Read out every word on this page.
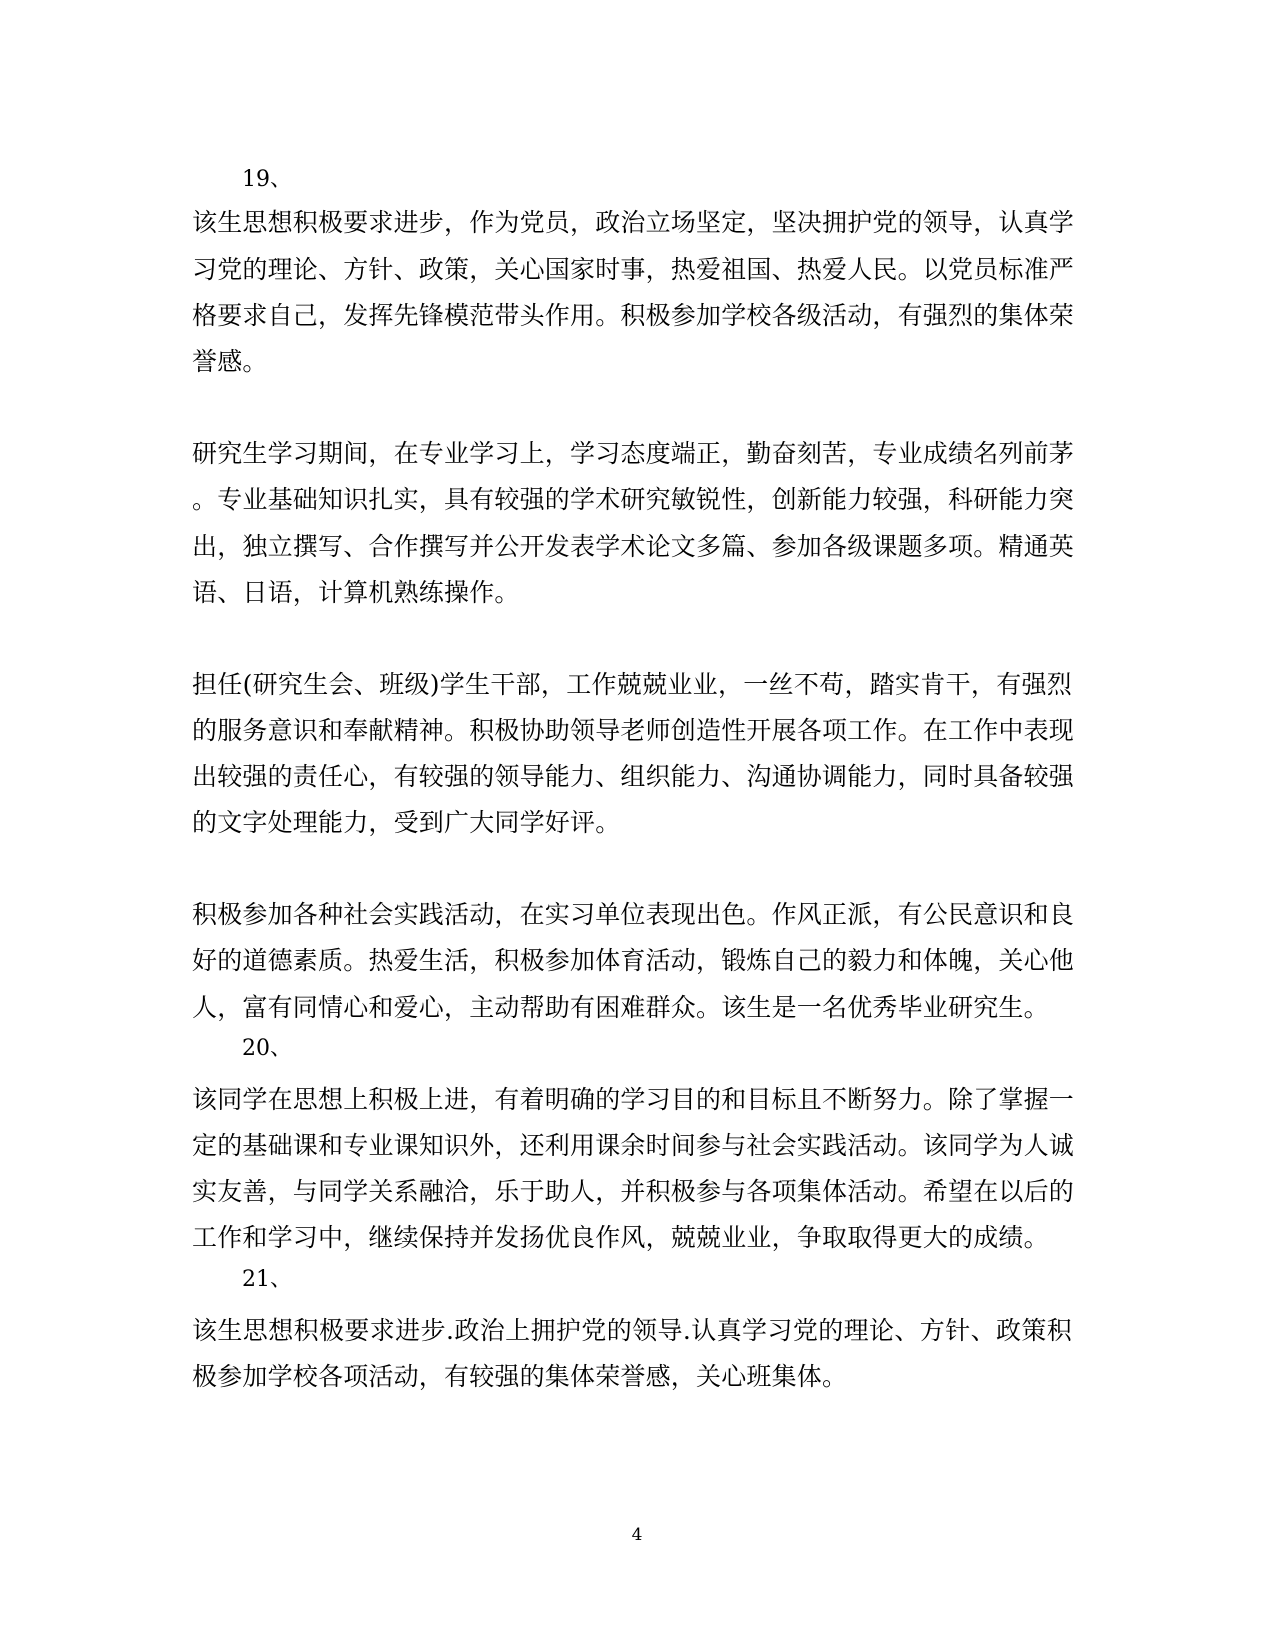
19、
该生思想积极要求进步，作为党员，政治立场坚定，坚决拥护党的领导，认真学
习党的理论、方针、政策，关心国家时事，热爱祖国、热爱人民。以党员标准严
格要求自己，发挥先锋模范带头作用。积极参加学校各级活动，有强烈的集体荣
誉感。
研究生学习期间，在专业学习上，学习态度端正，勤奋刻苦，专业成绩名列前茅
。专业基础知识扎实，具有较强的学术研究敏锐性，创新能力较强，科研能力突
出，独立撰写、合作撰写并公开发表学术论文多篇、参加各级课题多项。精通英
语、日语，计算机熟练操作。
担任(研究生会、班级)学生干部，工作兢兢业业，一丝不苟，踏实肯干，有强烈
的服务意识和奉献精神。积极协助领导老师创造性开展各项工作。在工作中表现
出较强的责任心，有较强的领导能力、组织能力、沟通协调能力，同时具备较强
的文字处理能力，受到广大同学好评。
积极参加各种社会实践活动，在实习单位表现出色。作风正派，有公民意识和良
好的道德素质。热爱生活，积极参加体育活动，锻炼自己的毅力和体魄，关心他
人，富有同情心和爱心，主动帮助有困难群众。该生是一名优秀毕业研究生。
20、
该同学在思想上积极上进，有着明确的学习目的和目标且不断努力。除了掌握一
定的基础课和专业课知识外，还利用课余时间参与社会实践活动。该同学为人诚
实友善，与同学关系融洽，乐于助人，并积极参与各项集体活动。希望在以后的
工作和学习中，继续保持并发扬优良作风，兢兢业业，争取取得更大的成绩。
21、
该生思想积极要求进步.政治上拥护党的领导.认真学习党的理论、方针、政策积
极参加学校各项活动，有较强的集体荣誉感，关心班集体。
4
